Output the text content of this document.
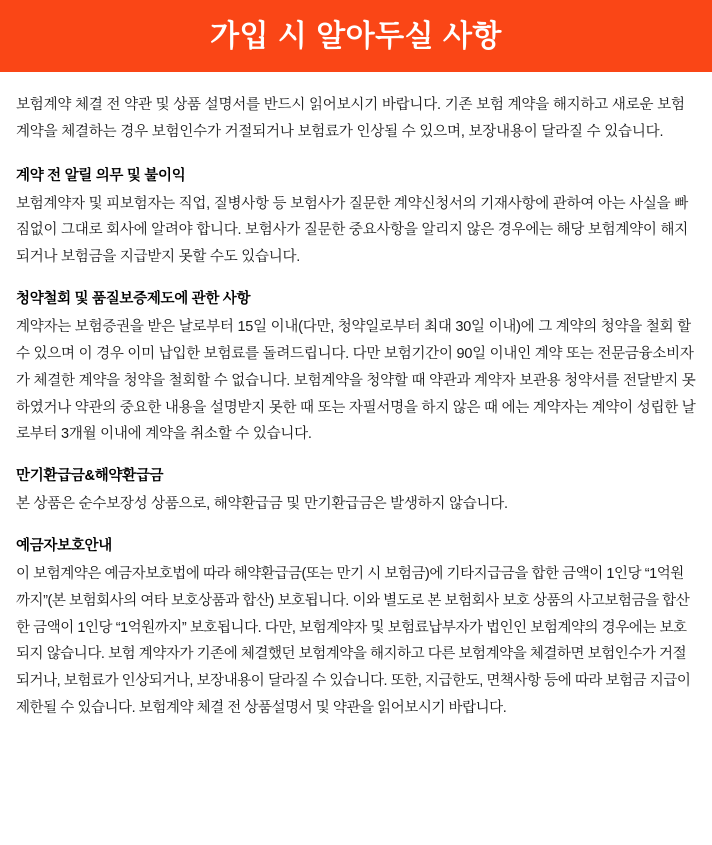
가입 시 알아두실 사항

보험계약 체결 전 약관 및 상품 설명서를 반드시 읽어보시기 바랍니다. 기존 보험 계약을 해지하고 새로운 보험계약을 체결하는 경우 보험인수가 거절되거나 보험료가 인상될 수 있으며, 보장내용이 달라질 수 있습니다.

계약 전 알릴 의무 및 불이익

보험계약자 및 피보험자는 직업, 질병사항 등 보험사가 질문한 계약신청서의 기재사항에 관하여 아는 사실을 빠짐없이 그대로 회사에 알려야 합니다. 보험사가 질문한 중요사항을 알리지 않은 경우에는 해당 보험계약이 해지되거나 보험금을 지급받지 못할 수도 있습니다.

청약철회 및 품질보증제도에 관한 사항

계약자는 보험증권을 받은 날로부터 15일 이내(다만, 청약일로부터 최대 30일 이내)에 그 계약의 청약을 철회 할 수 있으며 이 경우 이미 납입한 보험료를 돌려드립니다. 다만 보험기간이 90일 이내인 계약 또는 전문금융소비자가 체결한 계약을 청약을 철회할 수 없습니다. 보험계약을 청약할 때 약관과 계약자 보관용 청약서를 전달받지 못하였거나 약관의 중요한 내용을 설명받지 못한 때 또는 자필서명을 하지 않은 때 에는 계약자는 계약이 성립한 날로부터 3개월 이내에 계약을 취소할 수 있습니다.

만기환급금&해약환급금

본 상품은 순수보장성 상품으로, 해약환급금 및 만기환급금은 발생하지 않습니다.

예금자보호안내

이 보험계약은 예금자보호법에 따라 해약환급금(또는 만기 시 보험금)에 기타지급금을 합한 금액이 1인당 “1억원까지”(본 보험회사의 여타 보호상품과 합산) 보호됩니다. 이와 별도로 본 보험회사 보호 상품의 사고보험금을 합산한 금액이 1인당 “1억원까지” 보호됩니다. 다만, 보험계약자 및 보험료납부자가 법인인 보험계약의 경우에는 보호되지 않습니다. 보험 계약자가 기존에 체결했던 보험계약을 해지하고 다른 보험계약을 체결하면 보험인수가 거절되거나, 보험료가 인상되거나, 보장내용이 달라질 수 있습니다. 또한, 지급한도, 면책사항 등에 따라 보험금 지급이 제한될 수 있습니다. 보험계약 체결 전 상품설명서 및 약관을 읽어보시기 바랍니다.
